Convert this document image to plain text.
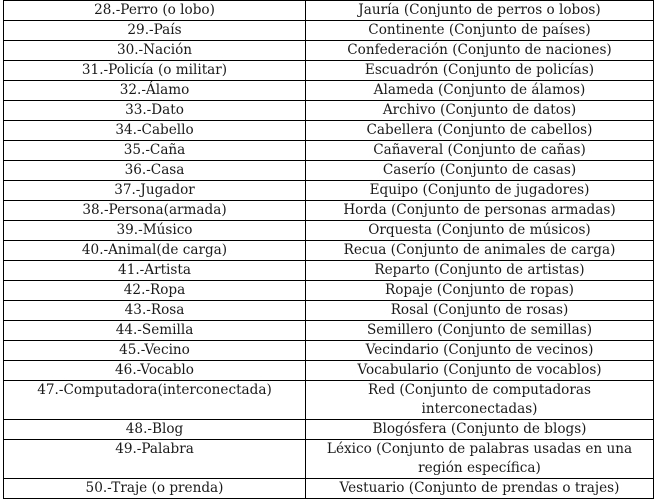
28.-Perro (o lobo)	Jauría (Conjunto de perros o lobos)
29.-País	Continente (Conjunto de países)
30.-Nación	Confederación (Conjunto de naciones)
31.-Policía (o militar)	Escuadrón (Conjunto de policías)
32.-Álamo	Alameda (Conjunto de álamos)
33.-Dato	Archivo (Conjunto de datos)
34.-Cabello	Cabellera (Conjunto de cabellos)
35.-Caña	Cañaveral (Conjunto de cañas)
36.-Casa	Caserío (Conjunto de casas)
37.-Jugador	Equipo (Conjunto de jugadores)
38.-Persona(armada)	Horda (Conjunto de personas armadas)
39.-Músico	Orquesta (Conjunto de músicos)
40.-Animal(de carga)	Recua (Conjunto de animales de carga)
41.-Artista	Reparto (Conjunto de artistas)
42.-Ropa	Ropaje (Conjunto de ropas)
43.-Rosa	Rosal (Conjunto de rosas)
44.-Semilla	Semillero (Conjunto de semillas)
45.-Vecino	Vecindario (Conjunto de vecinos)
46.-Vocablo	Vocabulario (Conjunto de vocablos)
47.-Computadora(interconectada)	Red (Conjunto de computadoras interconectadas)
48.-Blog	Blogósfera (Conjunto de blogs)
49.-Palabra	Léxico (Conjunto de palabras usadas en una región específica)
50.-Traje (o prenda)	Vestuario (Conjunto de prendas o trajes)
